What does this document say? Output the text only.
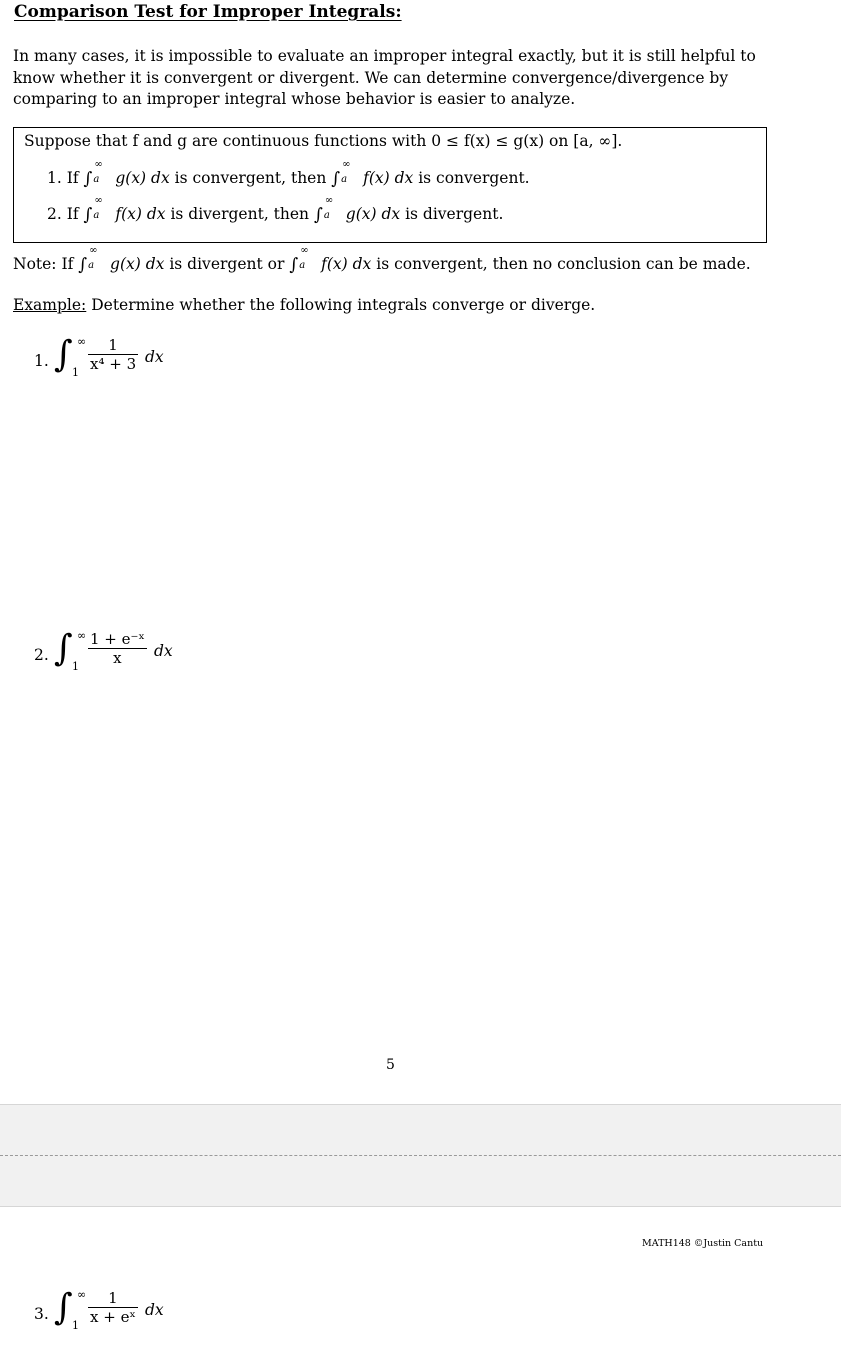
Comparison Test for Improper Integrals:
In many cases, it is impossible to evaluate an improper integral exactly, but it is still helpful to know whether it is convergent or divergent. We can determine convergence/divergence by comparing to an improper integral whose behavior is easier to analyze.
Suppose that f and g are continuous functions with 0 ≤ f(x) ≤ g(x) on [a, ∞].
1. If ∫
∞
a g(x) dx is convergent, then ∫
∞
a f(x) dx is convergent.
2. If ∫
∞
a f(x) dx is divergent, then ∫
∞
a g(x) dx is divergent.
Note: If ∫
∞
a g(x) dx is divergent or ∫
∞
a f(x) dx is convergent, then no conclusion can be made.
Example: Determine whether the following integrals converge or diverge.
1. ∫ ∞
$1 \frac{1}{\text{x⁴ + 3}}$ dx
2. ∫ ∞
$1 \frac{\text{1 + e⁻ˣ}}{x}$ dx
5
MATH148 ©Justin Cantu
3. ∫ ∞
$1 \frac{1}{\text{x + eˣ}}$ dx
